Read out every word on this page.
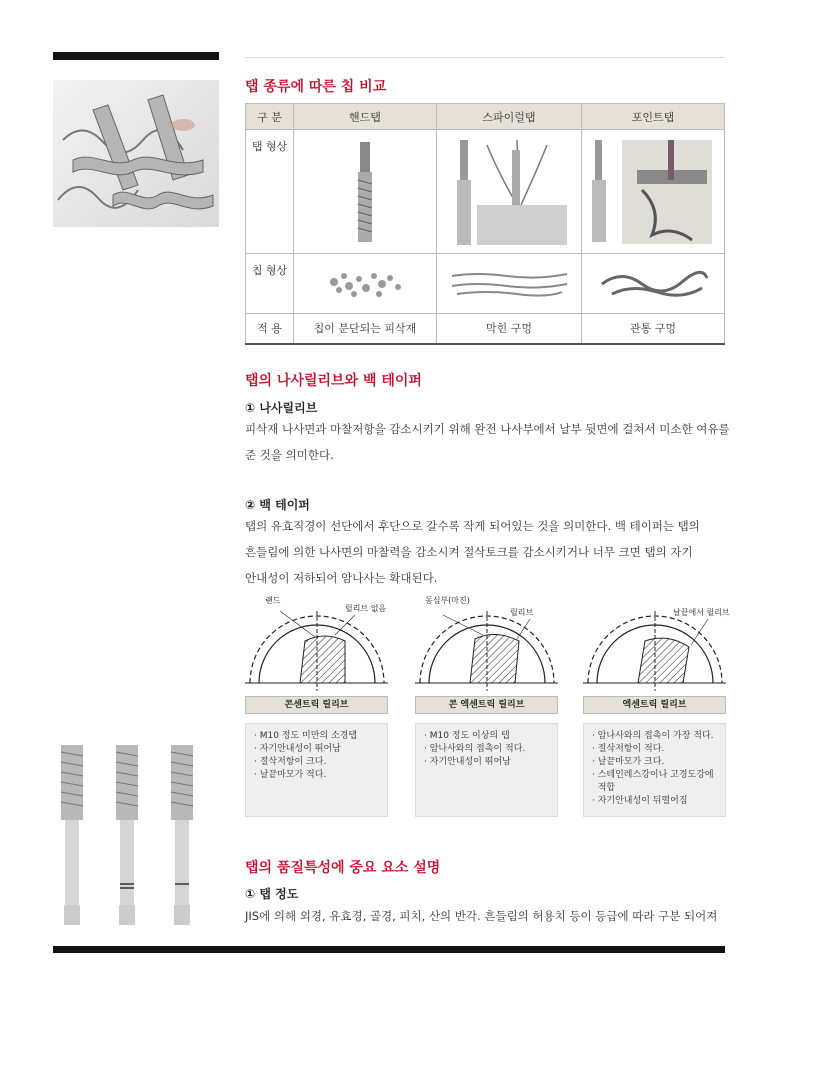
탭 종류에 따른 칩 비교
구 분	핸드탭	스파이럴탭	포인트탭
탭 형상			
칩 형상			
적 용	칩이 분단되는 피삭재	막힌 구멍	관통 구멍
탭의 나사릴리브와 백 테이퍼
① 나사릴리브
피삭재 나사면과 마찰저항을 감소시키기 위해 완전 나사부에서 날부 뒷면에 걸쳐서 미소한 여유를
준 것을 의미한다.
② 백 테이퍼
탭의 유효직경이 선단에서 후단으로 갈수록 작게 되어있는 것을 의미한다. 백 테이퍼는 탭의
흔들림에 의한 나사면의 마찰력을 감소시켜 절삭토크를 감소시키거나 너무 크면 탭의 자기
안내성이 저하되어 암나사는 확대된다.
랜드
릴리브 없음
콘센트릭 릴리브
· M10 정도 미만의 소경탭
· 자기안내성이 뛰어남
· 절삭저항이 크다.
· 날끝마모가 적다.
동심부(마진)
릴리브
콘 엑센트릭 릴리브
· M10 정도 이상의 탭
· 암나사와의 접촉이 적다.
· 자기안내성이 뛰어남
날끝에서 릴리브
엑센트릭 릴리브
· 암나사와의 접촉이 가장 적다.
· 절삭저항이 적다.
· 날끝마모가 크다.
· 스테인레스강이나 고경도강에
적합
· 자기안내성이 뒤떨어짐
탭의 품질특성에 중요 요소 설명
① 탭 정도
JIS에 의해 외경, 유효경, 골경, 피치, 산의 반각. 흔들림의 허용치 등이 등급에 따라 구분 되어져
